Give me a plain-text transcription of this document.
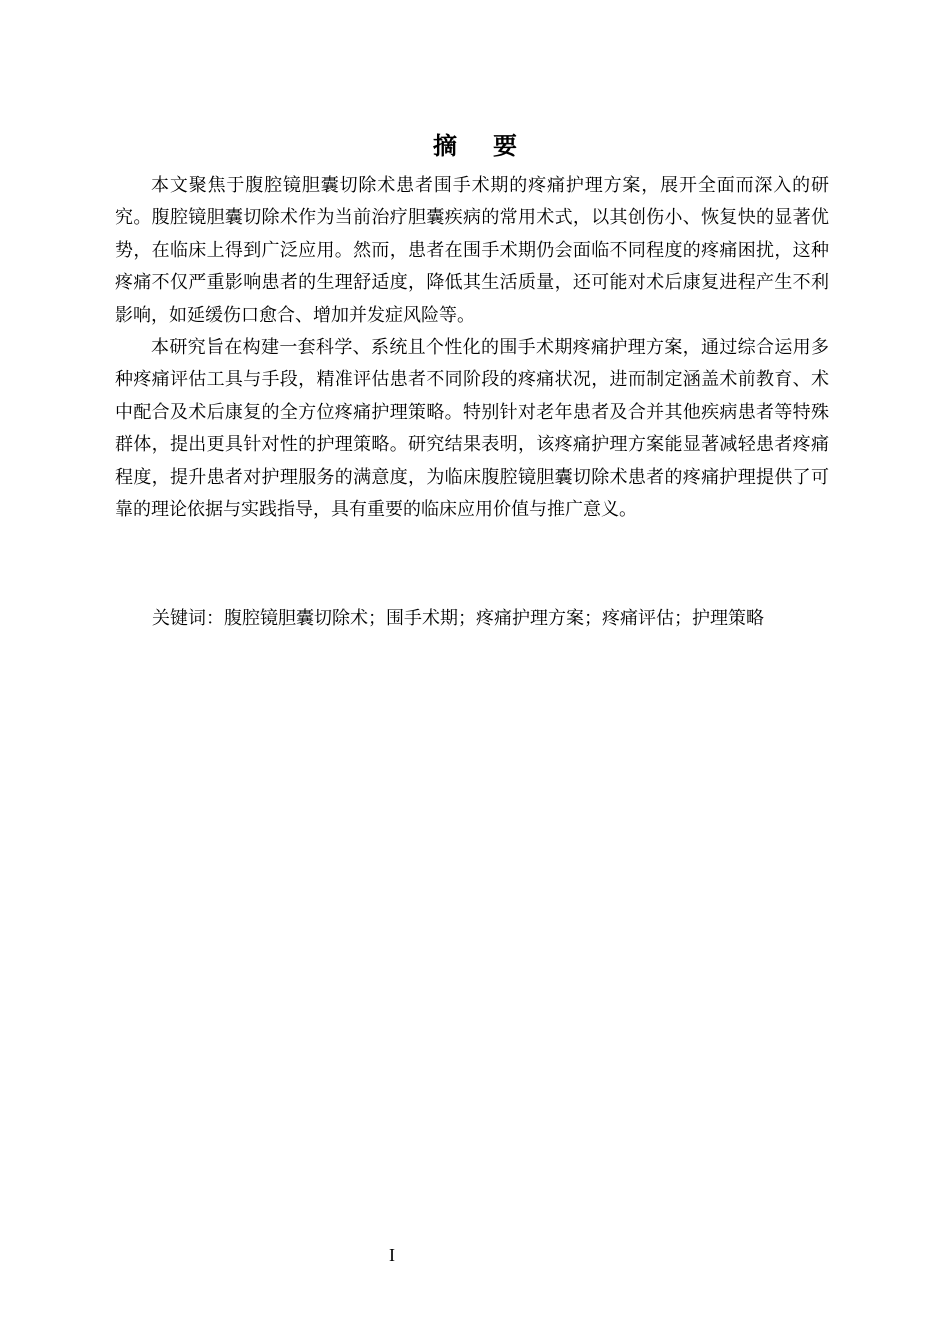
摘要

本文聚焦于腹腔镜胆囊切除术患者围手术期的疼痛护理方案，展开全面而深入的研究。腹腔镜胆囊切除术作为当前治疗胆囊疾病的常用术式，以其创伤小、恢复快的显著优势，在临床上得到广泛应用。然而，患者在围手术期仍会面临不同程度的疼痛困扰，这种疼痛不仅严重影响患者的生理舒适度，降低其生活质量，还可能对术后康复进程产生不利影响，如延缓伤口愈合、增加并发症风险等。

本研究旨在构建一套科学、系统且个性化的围手术期疼痛护理方案，通过综合运用多种疼痛评估工具与手段，精准评估患者不同阶段的疼痛状况，进而制定涵盖术前教育、术中配合及术后康复的全方位疼痛护理策略。特别针对老年患者及合并其他疾病患者等特殊群体，提出更具针对性的护理策略。研究结果表明，该疼痛护理方案能显著减轻患者疼痛程度，提升患者对护理服务的满意度，为临床腹腔镜胆囊切除术患者的疼痛护理提供了可靠的理论依据与实践指导，具有重要的临床应用价值与推广意义。

关键词：腹腔镜胆囊切除术；围手术期；疼痛护理方案；疼痛评估；护理策略
I
